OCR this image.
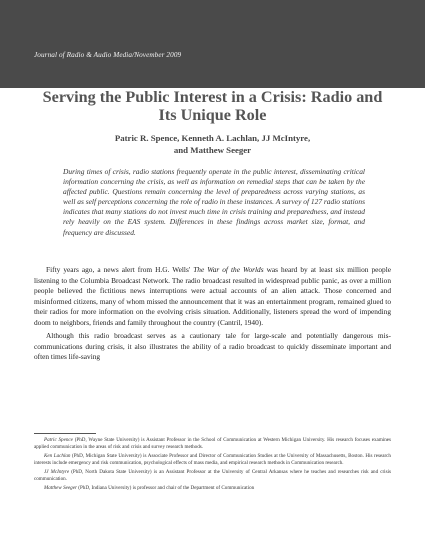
Journal of Radio & Audio Media/November 2009
Serving the Public Interest in a Crisis: Radio and Its Unique Role
Patric R. Spence, Kenneth A. Lachlan, JJ McIntyre,
and Matthew Seeger
During times of crisis, radio stations frequently operate in the public interest, disseminating critical information concerning the crisis, as well as information on remedial steps that can be taken by the affected public. Questions remain concerning the level of preparedness across varying stations, as well as self perceptions concerning the role of radio in these instances. A survey of 127 radio stations indicates that many stations do not invest much time in crisis training and preparedness, and instead rely heavily on the EAS system. Differences in these findings across market size, format, and frequency are discussed.

Fifty years ago, a news alert from H.G. Wells' The War of the Worlds was heard by at least six million people listening to the Columbia Broadcast Network. The radio broadcast resulted in widespread public panic, as over a million people believed the fictitious news interruptions were actual accounts of an alien attack. Those concerned and misinformed citizens, many of whom missed the announcement that it was an entertainment program, remained glued to their radios for more information on the evolving crisis situation. Additionally, listeners spread the word of impending doom to neighbors, friends and family throughout the country (Cantril, 1940).

Although this radio broadcast serves as a cautionary tale for large-scale and potentially dangerous mis-communications during crisis, it also illustrates the ability of a radio broadcast to quickly disseminate important and often times life-saving

Patric Spence (PhD, Wayne State University) is Assistant Professor in the School of Communication at Western Michigan University. His research focuses examines applied communication in the areas of risk and crisis and survey research methods.

Ken Lachlan (PhD, Michigan State University) is Associate Professor and Director of Communication Studies at the University of Massachusetts, Boston. His research interests include emergency and risk communication, psychological effects of mass media, and empirical research methods in Communication research.

JJ McIntyre (PhD, North Dakota State University) is an Assistant Professor at the University of Central Arkansas where he teaches and researches risk and crisis communication.

Matthew Seeger (PhD, Indiana University) is professor and chair of the Department of Communication
